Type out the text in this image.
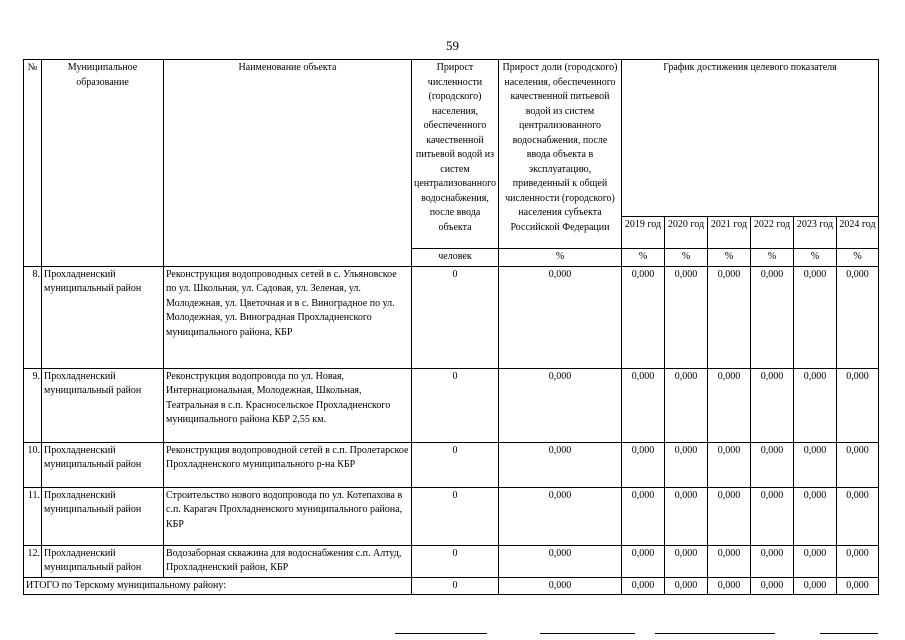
59
№	Муниципальное образование	Наименование объекта	Прирост численности (городского) населения, обеспеченного качественной питьевой водой из систем централизованного водоснабжения, после ввода объекта	Прирост доли (городского) населения, обеспеченного качественной питьевой водой из систем централизованного водоснабжения, после ввода объекта в эксплуатацию, приведенный к общей численности (городского) населения субъекта Российской Федерации	График достижения целевого показателя					
					2019 год	2020 год	2021 год	2022 год	2023 год	2024 год
			человек	%	%	%	%	%	%	%
8.	Прохладненский муниципальный район	Реконструкция водопроводных сетей в с. Ульяновское по ул. Школьная, ул. Садовая, ул. Зеленая, ул. Молодежная, ул. Цветочная и в с. Виноградное по ул. Молодежная, ул. Виноградная Прохладненского муниципального района, КБР	0	0,000	0,000	0,000	0,000	0,000	0,000	0,000
9.	Прохладненский муниципальный район	Реконструкция водопровода по ул. Новая, Интернациональная, Молодежная, Школьная, Театральная в с.п. Красносельское Прохладненского муниципального района КБР 2,55 км.	0	0,000	0,000	0,000	0,000	0,000	0,000	0,000
10.	Прохладненский муниципальный район	Реконструкция водопроводной сетей в с.п. Пролетарское Прохладненского муниципального р-на КБР	0	0,000	0,000	0,000	0,000	0,000	0,000	0,000
11.	Прохладненский муниципальный район	Строительство нового водопровода по ул. Котепахова в с.п. Карагач Прохладненского муниципального района, КБР	0	0,000	0,000	0,000	0,000	0,000	0,000	0,000
12.	Прохладненский муниципальный район	Водозаборная скважина для водоснабжения с.п. Алтуд, Прохладненский район, КБР	0	0,000	0,000	0,000	0,000	0,000	0,000	0,000
ИТОГО по Терскому муниципальному району:			0	0,000	0,000	0,000	0,000	0,000	0,000	0,000
